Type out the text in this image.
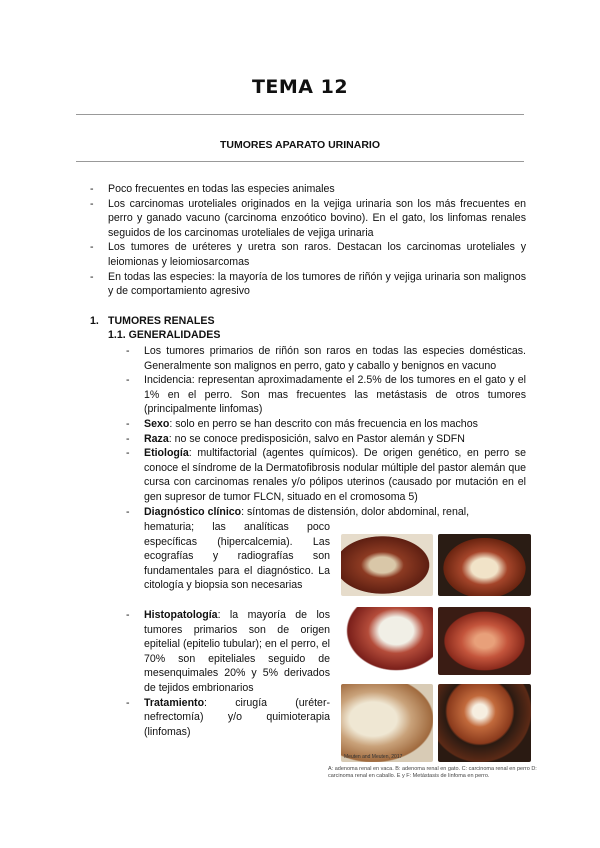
TEMA 12
TUMORES APARATO URINARIO
- Poco frecuentes en todas las especies animales
- Los carcinomas uroteliales originados en la vejiga urinaria son los más frecuentes en perro y ganado vacuno (carcinoma enzoótico bovino). En el gato, los linfomas renales seguidos de los carcinomas uroteliales de vejiga urinaria
- Los tumores de uréteres y uretra son raros. Destacan los carcinomas uroteliales y leiomionas y leiomiosarcomas
- En todas las especies: la mayoría de los tumores de riñón y vejiga urinaria son malignos y de comportamiento agresivo
1. TUMORES RENALES
1.1. GENERALIDADES
- Los tumores primarios de riñón son raros en todas las especies domésticas. Generalmente son malignos en perro, gato y caballo y benignos en vacuno
- Incidencia: representan aproximadamente el 2.5% de los tumores en el gato y el 1% en el perro. Son mas frecuentes las metástasis de otros tumores (principalmente linfomas)
- Sexo: solo en perro se han descrito con más frecuencia en los machos
- Raza: no se conoce predisposición, salvo en Pastor alemán y SDFN
- Etiología: multifactorial (agentes químicos). De origen genético, en perro se conoce el síndrome de la Dermatofibrosis nodular múltiple del pastor alemán que cursa con carcinomas renales y/o pólipos uterinos (causado por mutación en el gen supresor de tumor FLCN, situado en el cromosoma 5)
- Diagnóstico clínico: síntomas de distensión, dolor abdominal, renal,
hematuria; las analíticas poco específicas (hipercalcemia). Las ecografías y radiografías son fundamentales para el diagnóstico. La citología y biopsia son necesarias
- Histopatología: la mayoría de los tumores primarios son de origen epitelial (epitelio tubular); en el perro, el 70% son epiteliales seguido de mesenquimales 20% y 5% derivados de tejidos embrionarios
- Tratamiento: cirugía (uréter-nefrectomía) y/o quimioterapia (linfomas)
Meuten and Meuten, 2017
A: adenoma renal en vaca. B: adenoma renal en gato. C: carcinoma renal en perro D: carcinoma renal en caballo. E y F: Metástasis de linfoma en perro.
